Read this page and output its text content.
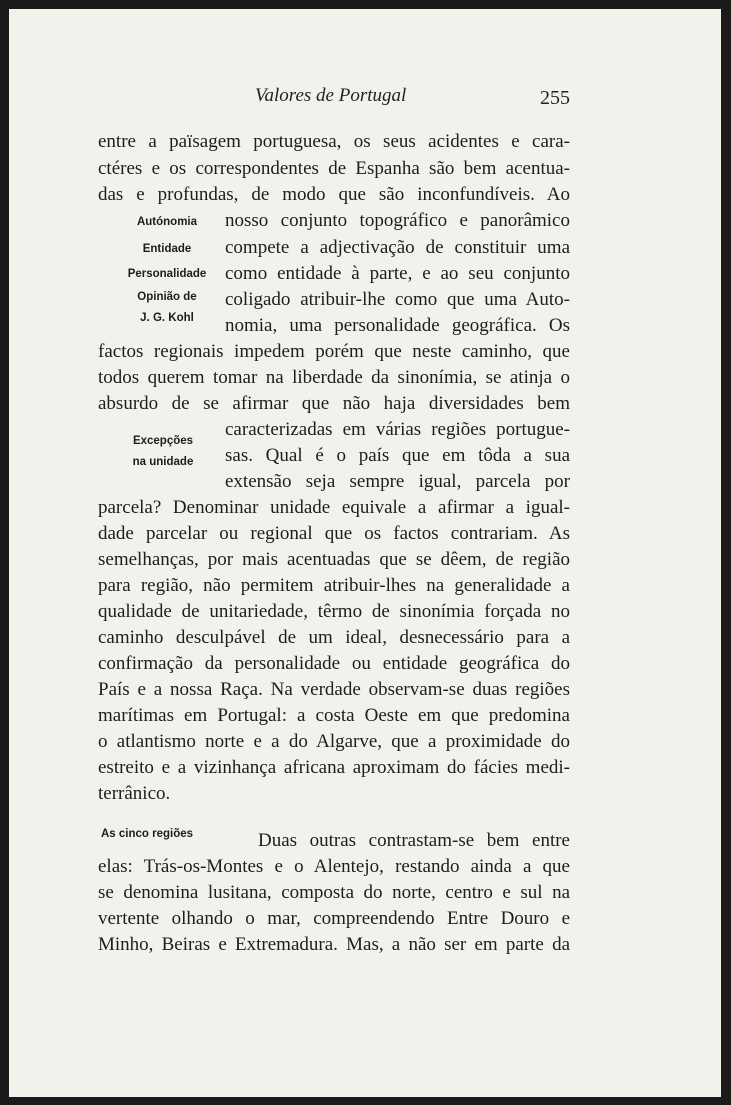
Valores de Portugal	255
Autónomia
Entidade
Personalidade
Opinião de
J. G. Kohl
Excepções
na unidade
As cinco regiões
entre a païsagem portuguesa, os seus acidentes e cara-
ctéres e os correspondentes de Espanha são bem acentua-
das e profundas, de modo que são inconfundíveis. Ao
nosso conjunto topográfico e panorâmico
compete a adjectivação de constituir uma
como entidade à parte, e ao seu conjunto
coligado atribuir-lhe como que uma Auto-
nomia, uma personalidade geográfica. Os
factos regionais impedem porém que neste caminho, que
todos querem tomar na liberdade da sinonímia, se atinja o
absurdo de se afirmar que não haja diversidades bem
caracterizadas em várias regiões portugue-
sas. Qual é o país que em tôda a sua
extensão seja sempre igual, parcela por
parcela? Denominar unidade equivale a afirmar a igual-
dade parcelar ou regional que os factos contrariam. As
semelhanças, por mais acentuadas que se dêem, de região
para região, não permitem atribuir-lhes na generalidade a
qualidade de unitariedade, têrmo de sinonímia forçada no
caminho desculpável de um ideal, desnecessário para a
confirmação da personalidade ou entidade geográfica do
País e a nossa Raça. Na verdade observam-se duas regiões
marítimas em Portugal: a costa Oeste em que predomina
o atlantismo norte e a do Algarve, que a proximidade do
estreito e a vizinhança africana aproximam do fácies medi-
terrânico.
Duas outras contrastam-se bem entre
elas: Trás-os-Montes e o Alentejo, restando ainda a que
se denomina lusitana, composta do norte, centro e sul na
vertente olhando o mar, compreendendo Entre Douro e
Minho, Beiras e Extremadura. Mas, a não ser em parte da
